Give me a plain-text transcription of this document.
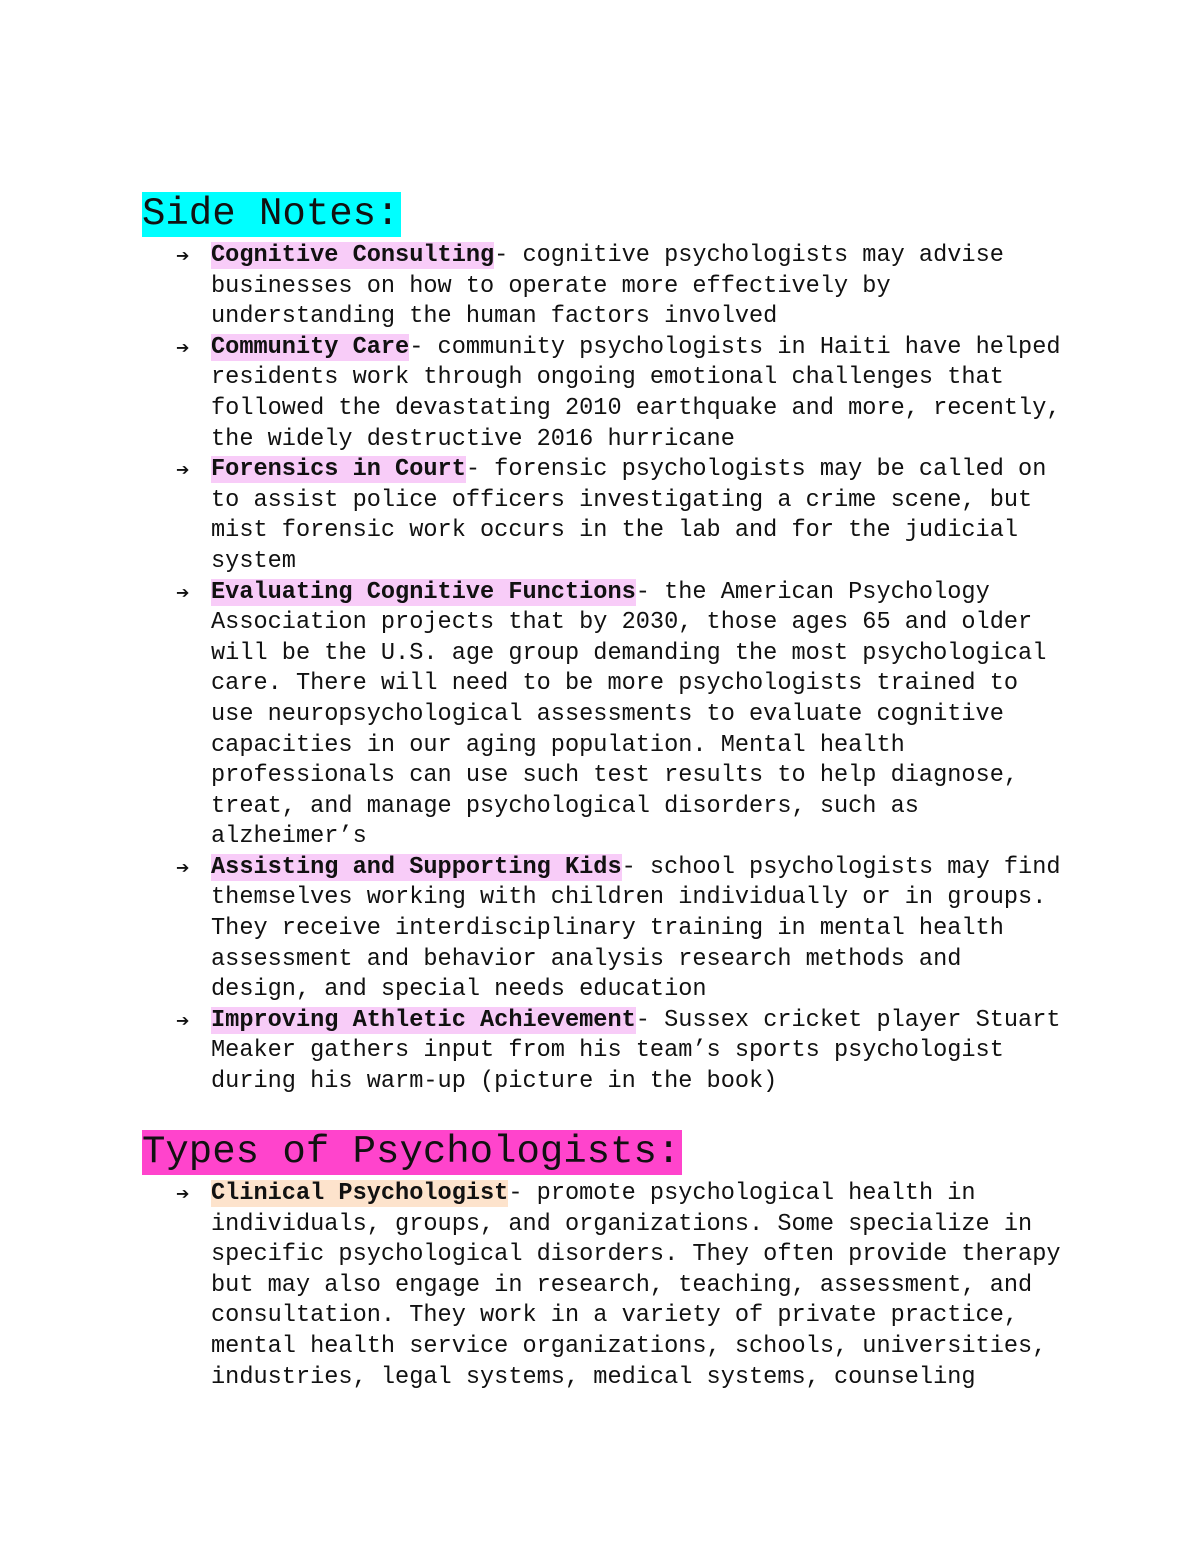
Side Notes:
➔ Cognitive Consulting- cognitive psychologists may advise
businesses on how to operate more effectively by
understanding the human factors involved
➔ Community Care- community psychologists in Haiti have helped
residents work through ongoing emotional challenges that
followed the devastating 2010 earthquake and more, recently,
the widely destructive 2016 hurricane
➔ Forensics in Court- forensic psychologists may be called on
to assist police officers investigating a crime scene, but
mist forensic work occurs in the lab and for the judicial
system
➔ Evaluating Cognitive Functions- the American Psychology
Association projects that by 2030, those ages 65 and older
will be the U.S. age group demanding the most psychological
care. There will need to be more psychologists trained to
use neuropsychological assessments to evaluate cognitive
capacities in our aging population. Mental health
professionals can use such test results to help diagnose,
treat, and manage psychological disorders, such as
alzheimer’s
➔ Assisting and Supporting Kids- school psychologists may find
themselves working with children individually or in groups.
They receive interdisciplinary training in mental health
assessment and behavior analysis research methods and
design, and special needs education
➔ Improving Athletic Achievement- Sussex cricket player Stuart
Meaker gathers input from his team’s sports psychologist
during his warm-up (picture in the book)
Types of Psychologists:
➔ Clinical Psychologist- promote psychological health in
individuals, groups, and organizations. Some specialize in
specific psychological disorders. They often provide therapy
but may also engage in research, teaching, assessment, and
consultation. They work in a variety of private practice,
mental health service organizations, schools, universities,
industries, legal systems, medical systems, counseling
